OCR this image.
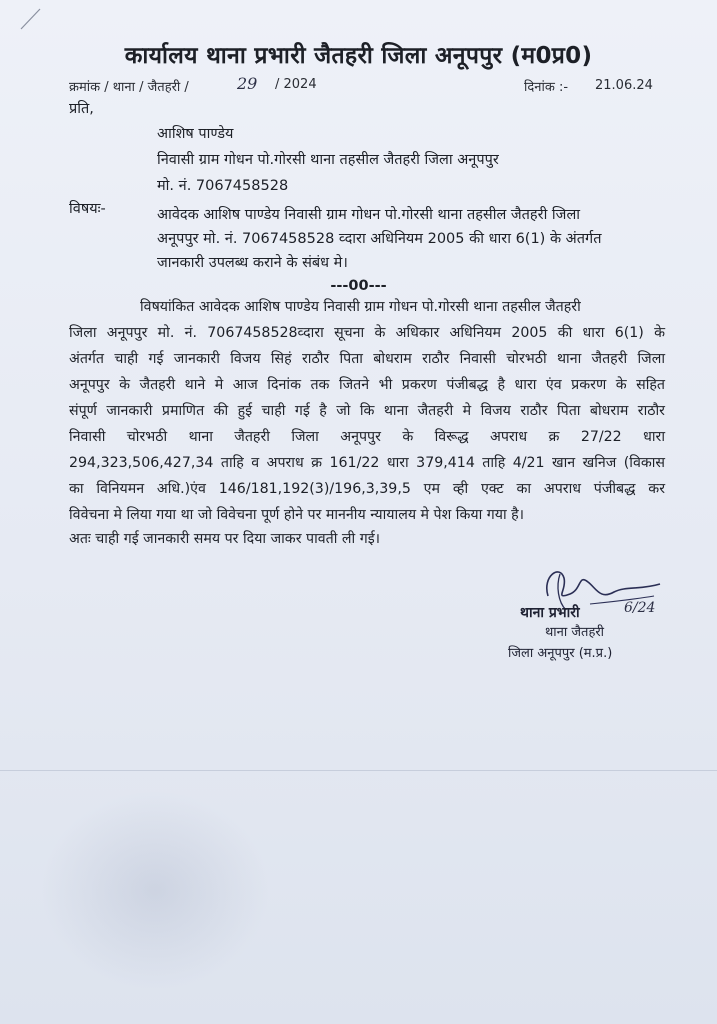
कार्यालय थाना प्रभारी जैतहरी जिला अनूपपुर (म0प्र0)
क्रमांक / थाना / जैतहरी /	29 / 2024	दिनांक :- 21.06.24
प्रति,
आशिष पाण्डेय
निवासी ग्राम गोधन पो.गोरसी थाना तहसील जैतहरी जिला अनूपपुर
मो. नं. 7067458528
विषयः-	आवेदक आशिष पाण्डेय निवासी ग्राम गोधन पो.गोरसी थाना तहसील जैतहरी जिला
अनूपपुर मो. नं. 7067458528 व्दारा अधिनियम 2005 की धारा 6(1) के अंतर्गत
जानकारी उपलब्ध कराने के संबंध मे।
---00---
विषयांकित आवेदक आशिष पाण्डेय निवासी ग्राम गोधन पो.गोरसी थाना तहसील जैतहरी
जिला अनूपपुर मो. नं. 7067458528व्दारा सूचना के अधिकार अधिनियम 2005 की धारा 6(1) के
अंतर्गत चाही गई जानकारी विजय सिहं राठौर पिता बोधराम राठौर निवासी चोरभठी थाना जैतहरी जिला
अनूपपुर के जैतहरी थाने मे आज दिनांक तक जितने भी प्रकरण पंजीबद्ध है धारा एंव प्रकरण के सहित
संपूर्ण जानकारी प्रमाणित की हुई चाही गई है जो कि थाना जैतहरी मे विजय राठौर पिता बोधराम राठौर
निवासी चोरभठी थाना जैतहरी जिला अनूपपुर के विरूद्ध अपराध क्र 27/22 धारा
294,323,506,427,34 ताहि व अपराध क्र 161/22 धारा 379,414 ताहि 4/21 खान खनिज (विकास
का विनियमन अधि.)एंव 146/181,192(3)/196,3,39,5 एम व्ही एक्ट का अपराध पंजीबद्ध कर
विवेचना मे लिया गया था जो विवेचना पूर्ण होने पर माननीय न्यायालय मे पेश किया गया है।
अतः चाही गई जानकारी समय पर दिया जाकर पावती ली गई।
6/24
थाना प्रभारी
थाना जैतहरी
जिला अनूपपुर (म.प्र.)
